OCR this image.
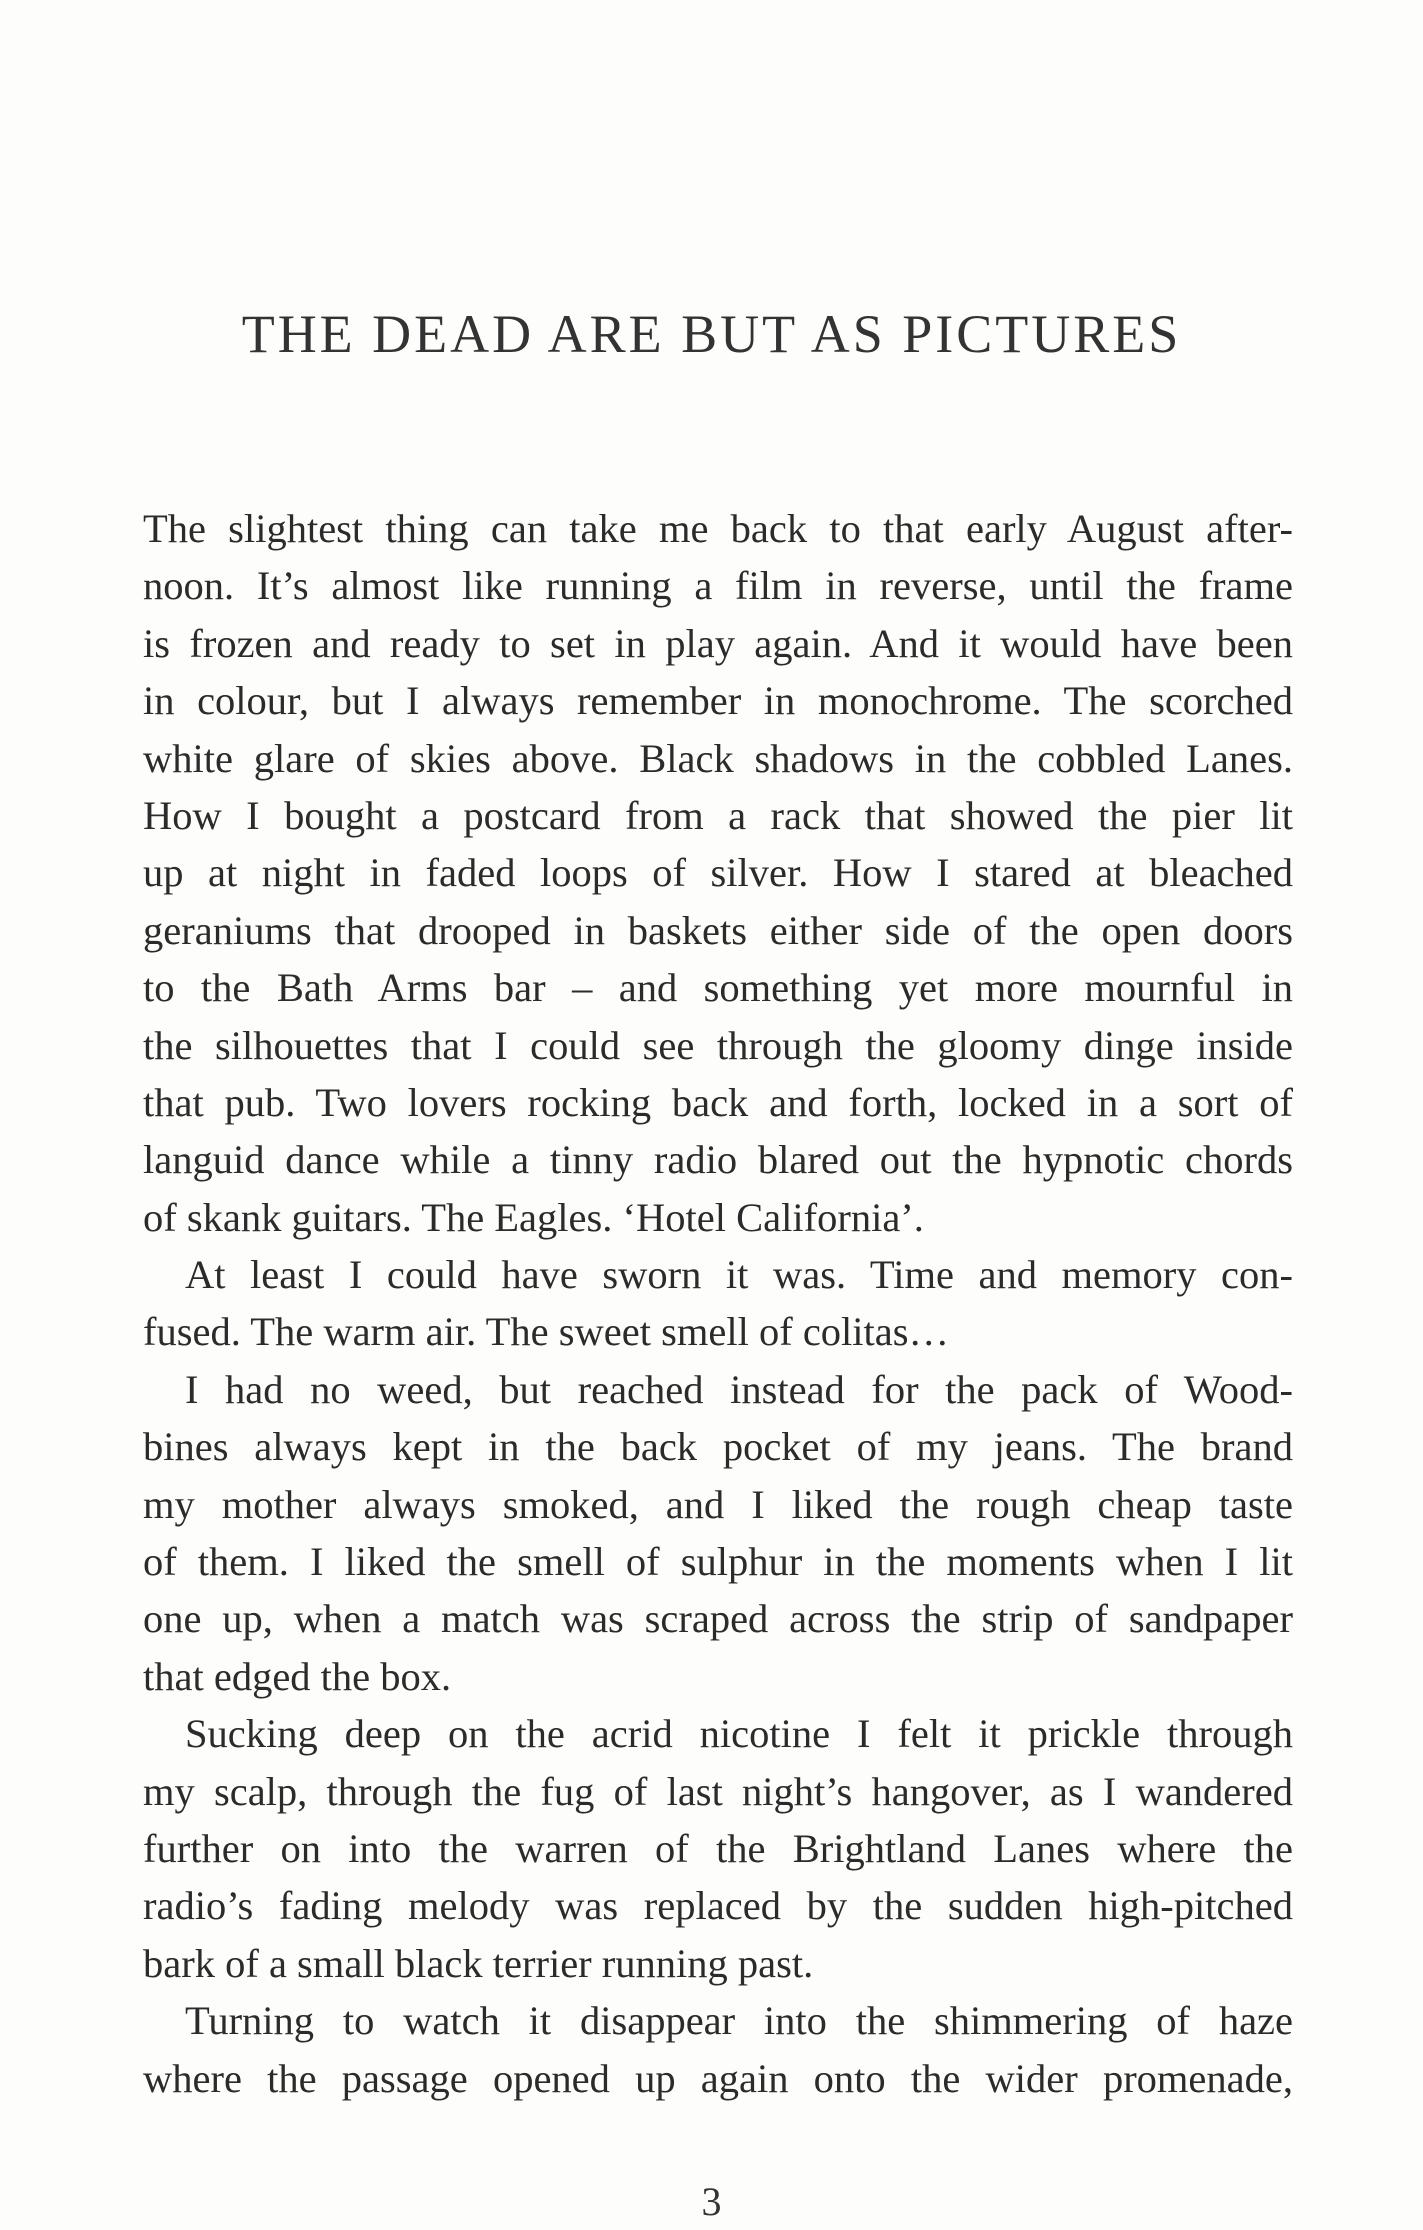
THE DEAD ARE BUT AS PICTURES
The slightest thing can take me back to that early August after-
noon. It’s almost like running a film in reverse, until the frame
is frozen and ready to set in play again. And it would have been
in colour, but I always remember in monochrome. The scorched
white glare of skies above. Black shadows in the cobbled Lanes.
How I bought a postcard from a rack that showed the pier lit
up at night in faded loops of silver. How I stared at bleached
geraniums that drooped in baskets either side of the open doors
to the Bath Arms bar – and something yet more mournful in
the silhouettes that I could see through the gloomy dinge inside
that pub. Two lovers rocking back and forth, locked in a sort of
languid dance while a tinny radio blared out the hypnotic chords
of skank guitars. The Eagles. ‘Hotel California’.
At least I could have sworn it was. Time and memory con-
fused. The warm air. The sweet smell of colitas…
I had no weed, but reached instead for the pack of Wood-
bines always kept in the back pocket of my jeans. The brand
my mother always smoked, and I liked the rough cheap taste
of them. I liked the smell of sulphur in the moments when I lit
one up, when a match was scraped across the strip of sandpaper
that edged the box.
Sucking deep on the acrid nicotine I felt it prickle through
my scalp, through the fug of last night’s hangover, as I wandered
further on into the warren of the Brightland Lanes where the
radio’s fading melody was replaced by the sudden high-pitched
bark of a small black terrier running past.
Turning to watch it disappear into the shimmering of haze
where the passage opened up again onto the wider promenade,
3
